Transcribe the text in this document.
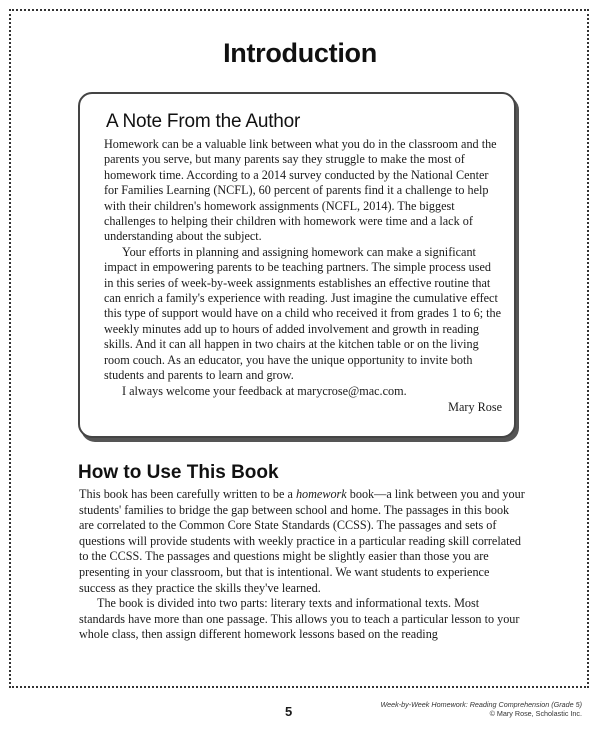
Introduction
A Note From the Author

Homework can be a valuable link between what you do in the classroom and the parents you serve, but many parents say they struggle to make the most of homework time. According to a 2014 survey conducted by the National Center for Families Learning (NCFL), 60 percent of parents find it a challenge to help with their children's homework assignments (NCFL, 2014). The biggest challenges to helping their children with homework were time and a lack of understanding about the subject.

Your efforts in planning and assigning homework can make a significant impact in empowering parents to be teaching partners. The simple process used in this series of week-by-week assignments establishes an effective routine that can enrich a family's experience with reading. Just imagine the cumulative effect this type of support would have on a child who received it from grades 1 to 6; the weekly minutes add up to hours of added involvement and growth in reading skills. And it can all happen in two chairs at the kitchen table or on the living room couch. As an educator, you have the unique opportunity to invite both students and parents to learn and grow.

I always welcome your feedback at marycrose@mac.com.

Mary Rose

How to Use This Book

This book has been carefully written to be a homework book—a link between you and your students' families to bridge the gap between school and home. The passages in this book are correlated to the Common Core State Standards (CCSS). The passages and sets of questions will provide students with weekly practice in a particular reading skill correlated to the CCSS. The passages and questions might be slightly easier than those you are presenting in your classroom, but that is intentional. We want students to experience success as they practice the skills they've learned.

The book is divided into two parts: literary texts and informational texts. Most standards have more than one passage. This allows you to teach a particular lesson to your whole class, then assign different homework lessons based on the reading

5	Week-by-Week Homework: Reading Comprehension (Grade 5)
© Mary Rose, Scholastic Inc.
